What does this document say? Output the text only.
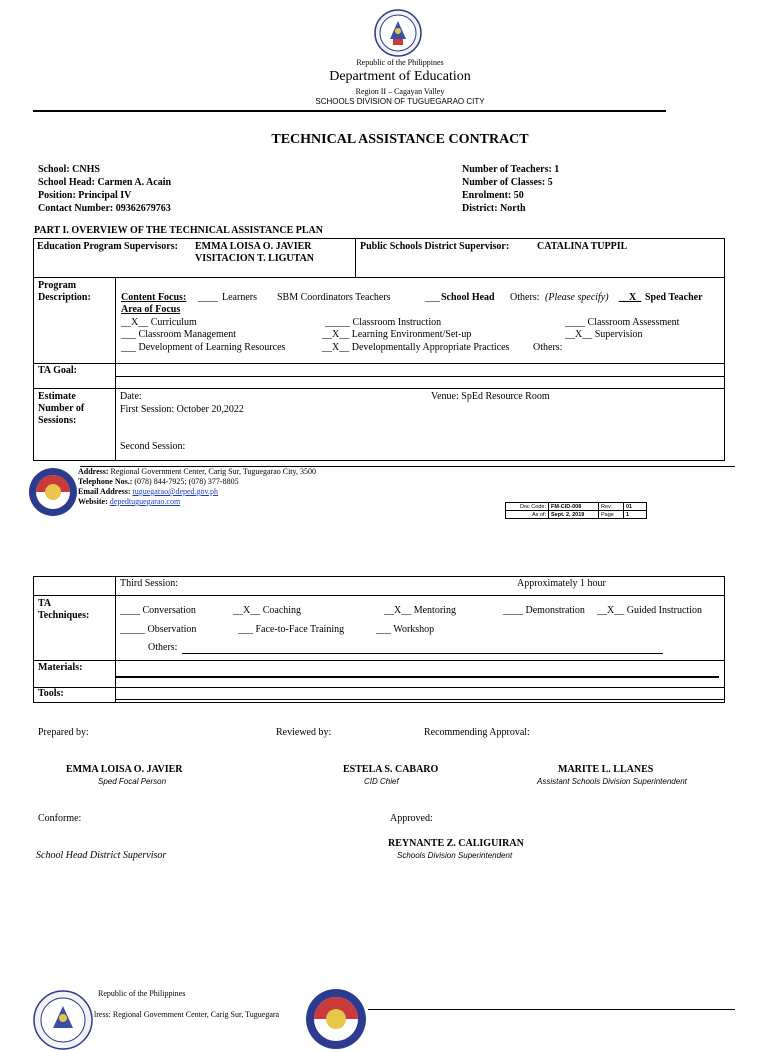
Republic of the Philippines
Department of Education
Region II – Cagayan Valley
SCHOOLS DIVISION OF TUGUEGARAO CITY
TECHNICAL ASSISTANCE CONTRACT
School: CNHS
School Head: Carmen A. Acain
Position: Principal IV
Contact Number: 09362679763
Number of Teachers: 1
Number of Classes: 5
Enrolment: 50
District: North
PART I. OVERVIEW OF THE TECHNICAL ASSISTANCE PLAN
Education Program Supervisors: EMMA LOISA O. JAVIER
VISITACION T. LIGUTAN
Public Schools District Supervisor:	CATALINA TUPPIL
Program
Description:	Content Focus: ____ Learners SBM Coordinators Teachers	___ School Head Others: (Please specify) __X_ Sped Teacher
Area of Focus
__X__ Curriculum	_____ Classroom Instruction	____ Classroom Assessment
___ Classroom Management	__X__ Learning Environment/Set-up	__X__ Supervision
___ Development of Learning Resources	__X__ Developmentally Appropriate Practices Others:
TA Goal:
Estimate
Number of
Sessions:
Date:	Venue: SpEd Resource Room
First Session: October 20,2022
Second Session:
Address: Regional Government Center, Carig Sur, Tuguegarao City, 3500
Telephone Nos.: (078) 844-7925; (078) 377-8805
Email Address: tuguegarao@deped.gov.ph
Website: depedtuguegarao.com
Doc Code:	FM-CID-008	Rev:	01
As of:	Sept. 2, 2019	Page	1
Third Session:	Approximately 1 hour
TA
Techniques:	____ Conversation	__X__ Coaching	__X__ Mentoring	____ Demonstration __X__ Guided Instruction
_____ Observation	___ Face-to-Face Training	___ Workshop
Others:
Materials:
Tools:
Prepared by:	Reviewed by:	Recommending Approval:
EMMA LOISA O. JAVIER
Sped Focal Person
ESTELA S. CABARO
CID Chief
MARITE L. LLANES
Assistant Schools Division Superintendent
Conforme:	Approved:
School Head District Supervisor
REYNANTE Z. CALIGUIRAN
Schools Division Superintendent
Republic of the Philippines
lress: Regional Government Center, Carig Sur, Tuguegara
